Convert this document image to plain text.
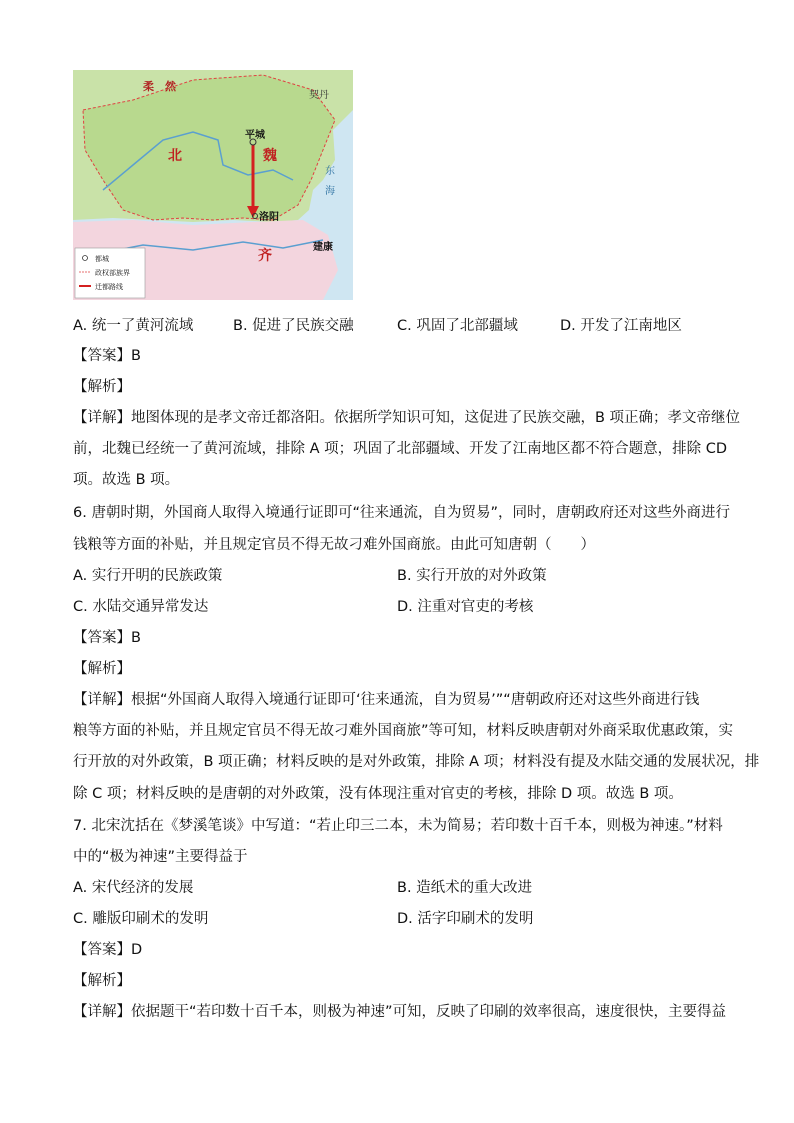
柔　然
契丹
北	魏
平城
洛阳
建康
齐
东　海
都城
政权部族界
迁都路线
A. 统一了黄河流域	B. 促进了民族交融	C. 巩固了北部疆域	D. 开发了江南地区
【答案】B
【解析】
【详解】地图体现的是孝文帝迁都洛阳。依据所学知识可知，这促进了民族交融，B 项正确；孝文帝继位
前，北魏已经统一了黄河流域，排除 A 项；巩固了北部疆域、开发了江南地区都不符合题意，排除 CD
项。故选 B 项。
6. 唐朝时期，外国商人取得入境通行证即可“往来通流，自为贸易”，同时，唐朝政府还对这些外商进行
钱粮等方面的补贴，并且规定官员不得无故刁难外国商旅。由此可知唐朝（　　）
A. 实行开明的民族政策	B. 实行开放的对外政策
C. 水陆交通异常发达	D. 注重对官吏的考核
【答案】B
【解析】
【详解】根据“外国商人取得入境通行证即可‘往来通流，自为贸易’”“唐朝政府还对这些外商进行钱
粮等方面的补贴，并且规定官员不得无故刁难外国商旅”等可知，材料反映唐朝对外商采取优惠政策，实
行开放的对外政策，B 项正确；材料反映的是对外政策，排除 A 项；材料没有提及水陆交通的发展状况，排
除 C 项；材料反映的是唐朝的对外政策，没有体现注重对官吏的考核，排除 D 项。故选 B 项。
7. 北宋沈括在《梦溪笔谈》中写道：“若止印三二本，未为简易；若印数十百千本，则极为神速。”材料
中的“极为神速”主要得益于
A. 宋代经济的发展	B. 造纸术的重大改进
C. 雕版印刷术的发明	D. 活字印刷术的发明
【答案】D
【解析】
【详解】依据题干“若印数十百千本，则极为神速”可知，反映了印刷的效率很高，速度很快，主要得益
